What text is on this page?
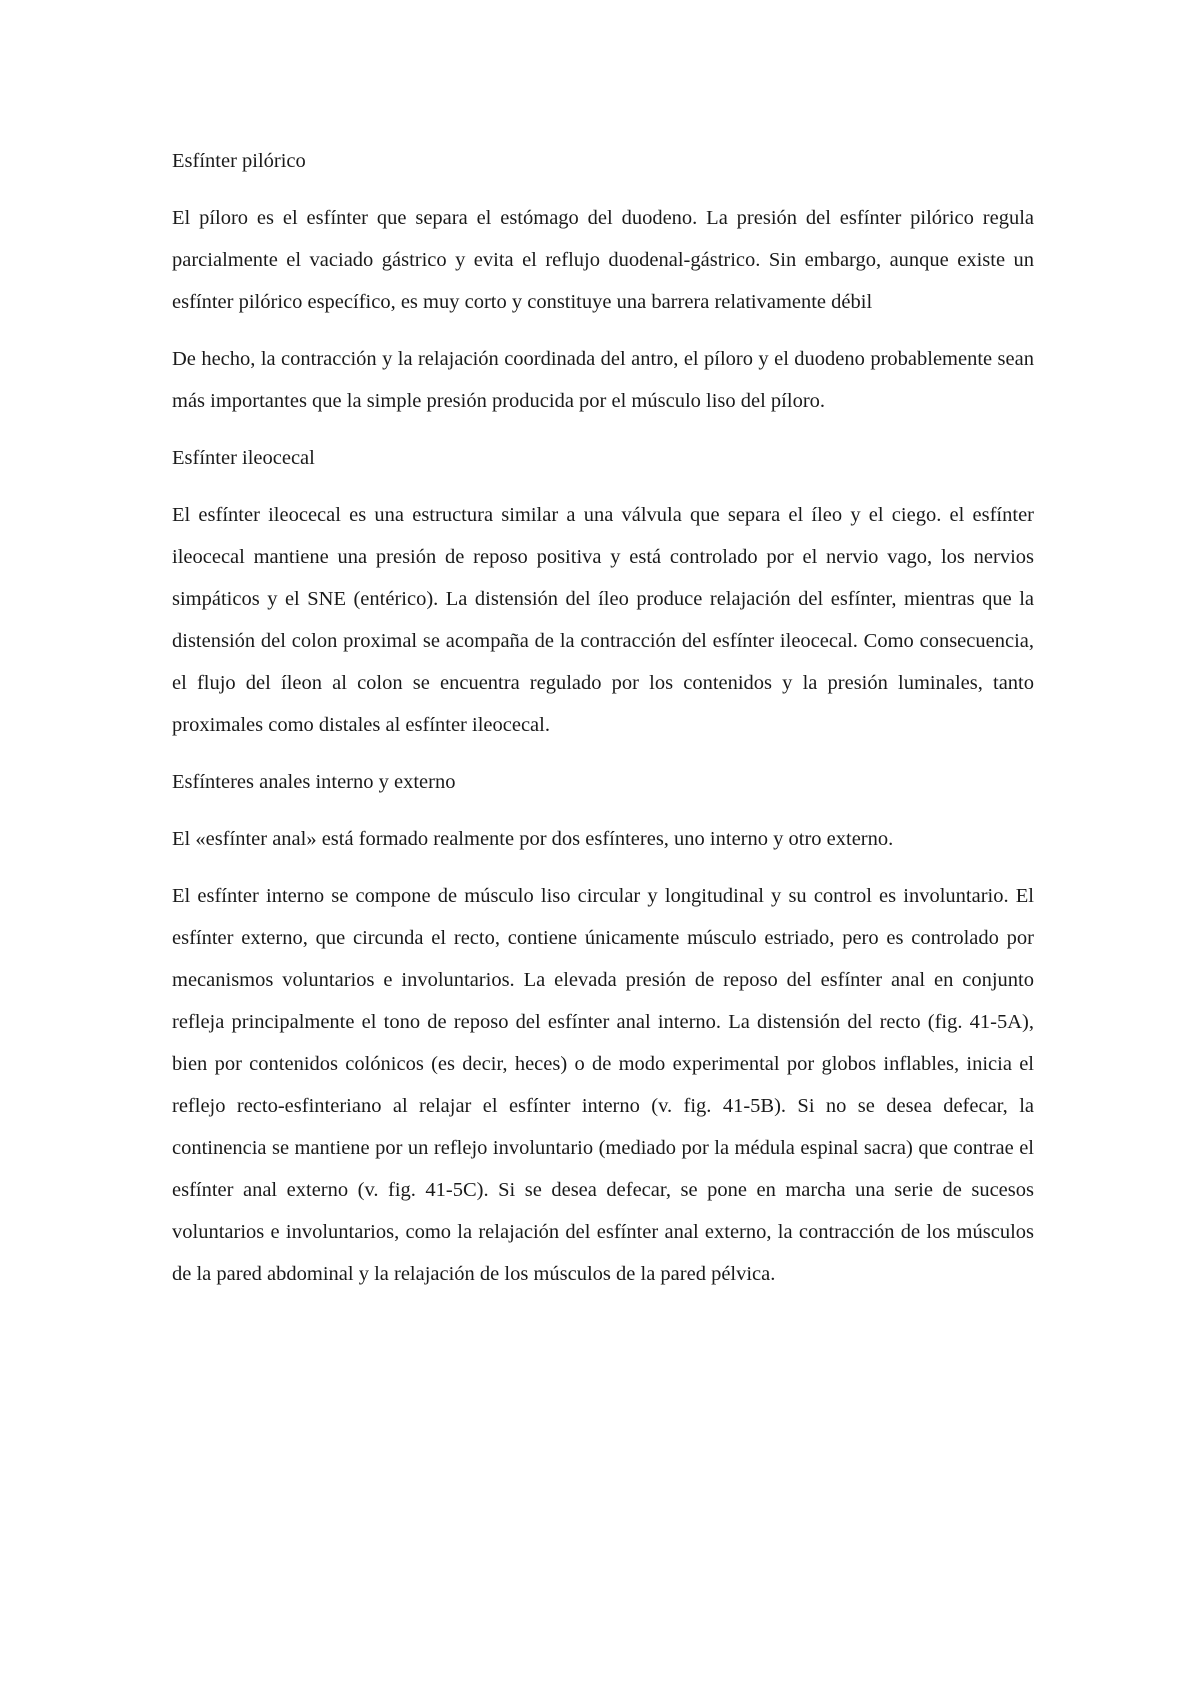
Esfínter pilórico
El píloro es el esfínter que separa el estómago del duodeno. La presión del esfínter pilórico regula parcialmente el vaciado gástrico y evita el reflujo duodenal-gástrico. Sin embargo, aunque existe un esfínter pilórico específico, es muy corto y constituye una barrera relativamente débil
De hecho, la contracción y la relajación coordinada del antro, el píloro y el duodeno probablemente sean más importantes que la simple presión producida por el músculo liso del píloro.
Esfínter ileocecal
El esfínter ileocecal es una estructura similar a una válvula que separa el íleo y el ciego. el esfínter ileocecal mantiene una presión de reposo positiva y está controlado por el nervio vago, los nervios simpáticos y el SNE (entérico). La distensión del íleo produce relajación del esfínter, mientras que la distensión del colon proximal se acompaña de la contracción del esfínter ileocecal. Como consecuencia, el flujo del íleon al colon se encuentra regulado por los contenidos y la presión luminales, tanto proximales como distales al esfínter ileocecal.
Esfínteres anales interno y externo
El «esfínter anal» está formado realmente por dos esfínteres, uno interno y otro externo.
El esfínter interno se compone de músculo liso circular y longitudinal y su control es involuntario. El esfínter externo, que circunda el recto, contiene únicamente músculo estriado, pero es controlado por mecanismos voluntarios e involuntarios. La elevada presión de reposo del esfínter anal en conjunto refleja principalmente el tono de reposo del esfínter anal interno. La distensión del recto (fig. 41-5A), bien por contenidos colónicos (es decir, heces) o de modo experimental por globos inflables, inicia el reflejo recto-esfinteriano al relajar el esfínter interno (v. fig. 41-5B). Si no se desea defecar, la continencia se mantiene por un reflejo involuntario (mediado por la médula espinal sacra) que contrae el esfínter anal externo (v. fig. 41-5C). Si se desea defecar, se pone en marcha una serie de sucesos voluntarios e involuntarios, como la relajación del esfínter anal externo, la contracción de los músculos de la pared abdominal y la relajación de los músculos de la pared pélvica.
